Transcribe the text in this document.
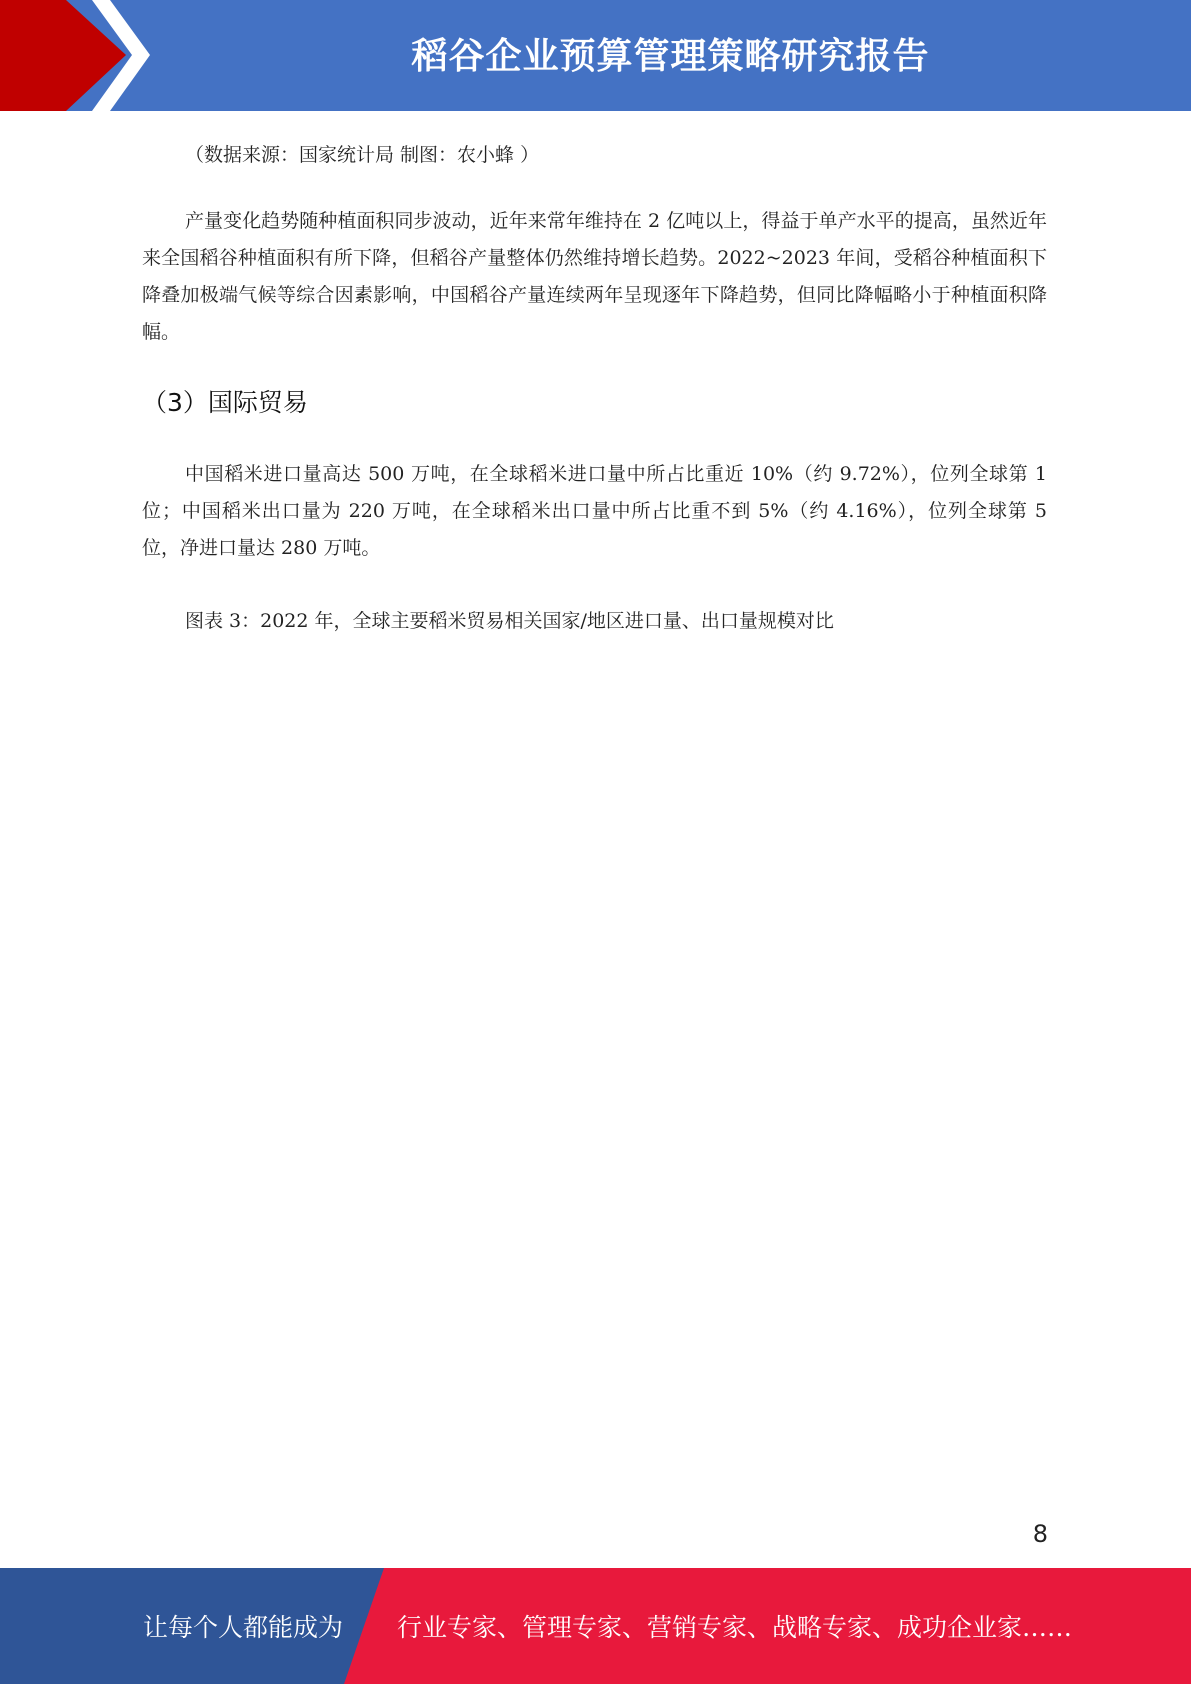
稻谷企业预算管理策略研究报告
（数据来源：国家统计局 制图：农小蜂 ）

产量变化趋势随种植面积同步波动，近年来常年维持在 2 亿吨以上，得益于单产水平的提高，虽然近年来全国稻谷种植面积有所下降，但稻谷产量整体仍然维持增长趋势。2022~2023 年间，受稻谷种植面积下降叠加极端气候等综合因素影响，中国稻谷产量连续两年呈现逐年下降趋势，但同比降幅略小于种植面积降幅。

（3）国际贸易

中国稻米进口量高达 500 万吨，在全球稻米进口量中所占比重近 10%（约 9.72%），位列全球第 1 位；中国稻米出口量为 220 万吨，在全球稻米出口量中所占比重不到 5%（约 4.16%），位列全球第 5 位，净进口量达 280 万吨。

图表 3：2022 年，全球主要稻米贸易相关国家/地区进口量、出口量规模对比
8
让每个人都能成为 行业专家、管理专家、营销专家、战略专家、成功企业家……
